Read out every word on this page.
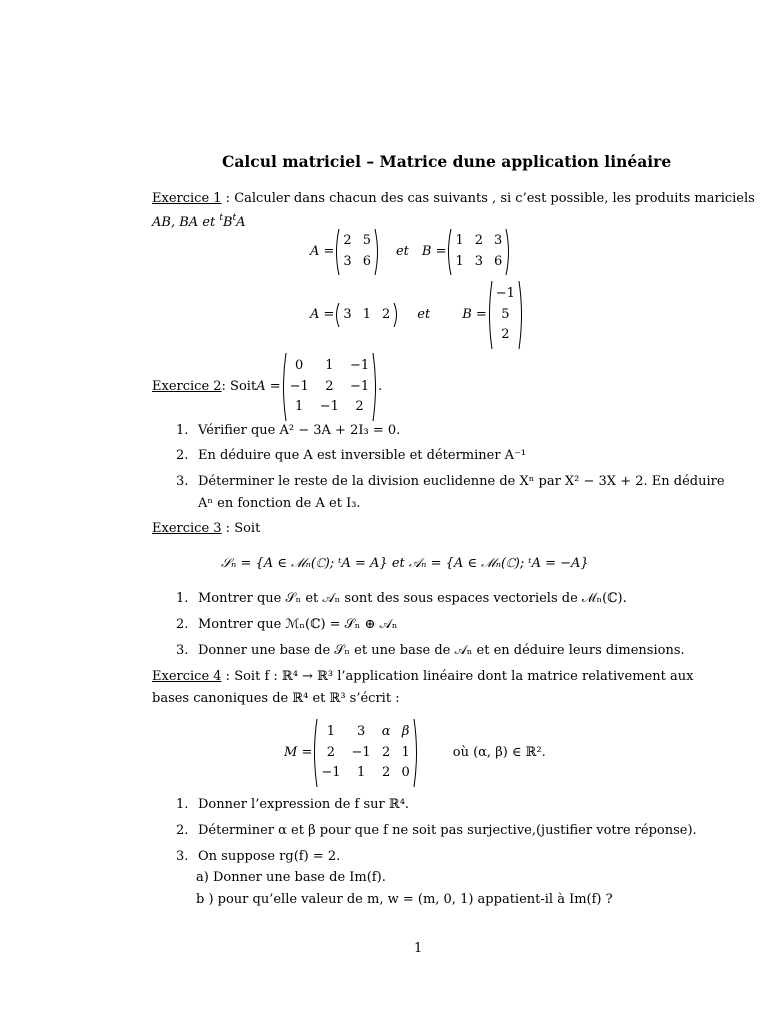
Calcul matriciel – Matrice dune application linéaire
Exercice 1 : Calculer dans chacun des cas suivants , si c’est possible, les produits mariciels
AB, BA et $^tB^tA$
A =
2 5
3 6
et B =
1 2 3
1 3 6
A = 3 1 2 et B =
−1
5
2
Exercice 2 : Soit A =
0	1	−1
−1	2	−1
1	−1	2
.
1. Vérifier que A² − 3A + 2I₃ = 0.
2. En déduire que A est inversible et déterminer A⁻¹
3. Déterminer le reste de la division euclidenne de Xⁿ par X² − 3X + 2. En déduire
Aⁿ en fonction de A et I₃.
Exercice 3 : Soit
𝒮ₙ = {A ∈ ℳₙ(ℂ); ᵗA = A} et 𝒜ₙ = {A ∈ ℳₙ(ℂ); ᵗA = −A}
1. Montrer que 𝒮ₙ et 𝒜ₙ sont des sous espaces vectoriels de ℳₙ(ℂ).
2. Montrer que ℳₙ(ℂ) = 𝒮ₙ ⊕ 𝒜ₙ
3. Donner une base de 𝒮ₙ et une base de 𝒜ₙ et en déduire leurs dimensions.
Exercice 4 : Soit f : ℝ⁴ → ℝ³ l’application linéaire dont la matrice relativement aux
bases canoniques de ℝ⁴ et ℝ³ s’écrit :
M =
1	3	α β
2	−1 2 1
−1	1	2 0
où (α, β) ∈ ℝ².
1. Donner l’expression de f sur ℝ⁴.
2. Déterminer α et β pour que f ne soit pas surjective,(justifier votre réponse).
3. On suppose rg(f) = 2.
a) Donner une base de Im(f).
b ) pour qu’elle valeur de m, w = (m, 0, 1) appatient-il à Im(f) ?
1
